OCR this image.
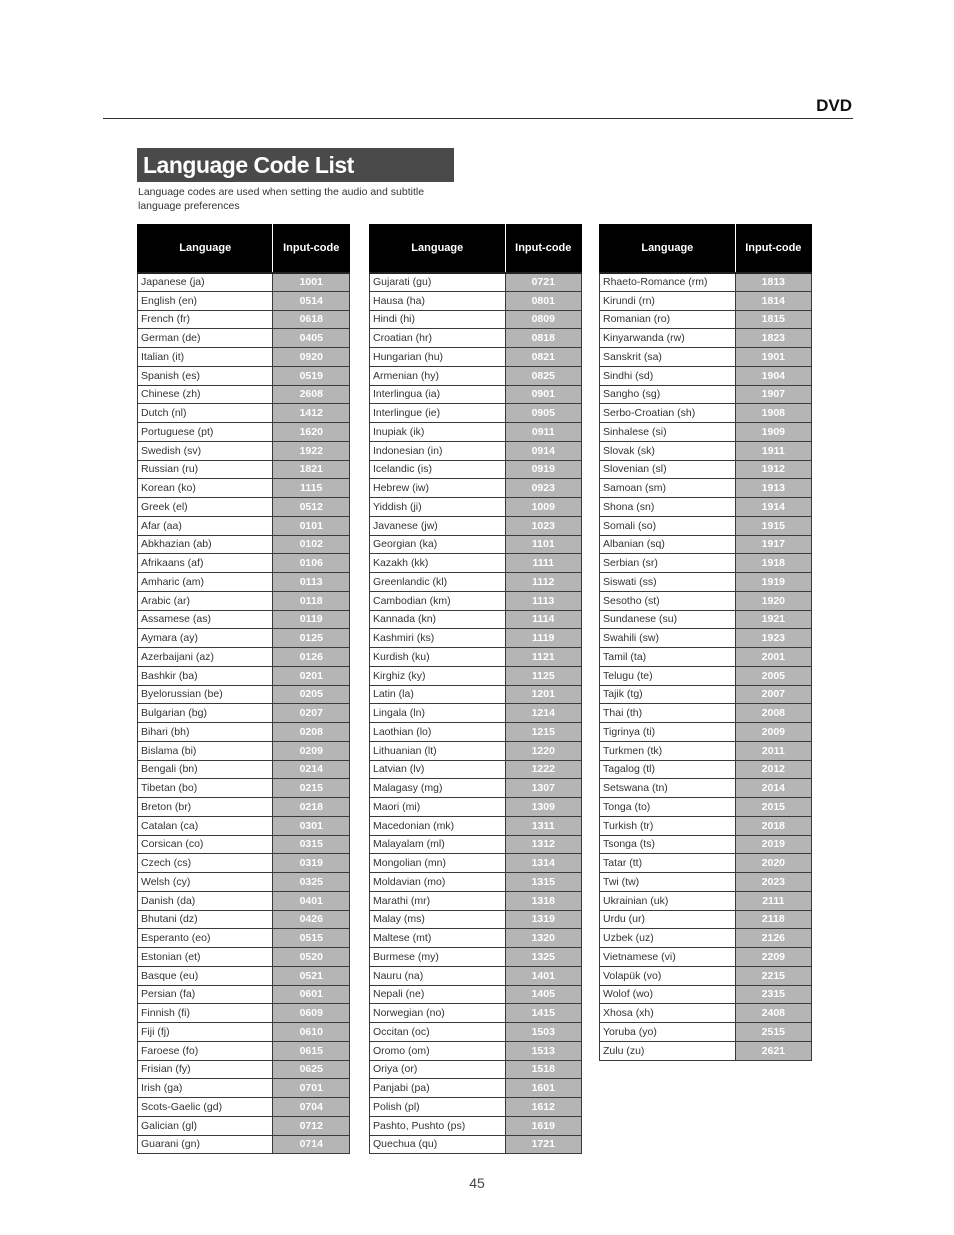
DVD
Language Code List
Language codes are used when setting the audio and subtitle language preferences
Language	Input-code
Japanese (ja)	1001
English (en)	0514
French (fr)	0618
German (de)	0405
Italian (it)	0920
Spanish (es)	0519
Chinese (zh)	2608
Dutch (nl)	1412
Portuguese (pt)	1620
Swedish (sv)	1922
Russian (ru)	1821
Korean (ko)	1115
Greek (el)	0512
Afar (aa)	0101
Abkhazian (ab)	0102
Afrikaans (af)	0106
Amharic (am)	0113
Arabic (ar)	0118
Assamese (as)	0119
Aymara (ay)	0125
Azerbaijani (az)	0126
Bashkir (ba)	0201
Byelorussian (be)	0205
Bulgarian (bg)	0207
Bihari (bh)	0208
Bislama (bi)	0209
Bengali (bn)	0214
Tibetan (bo)	0215
Breton (br)	0218
Catalan (ca)	0301
Corsican (co)	0315
Czech (cs)	0319
Welsh (cy)	0325
Danish (da)	0401
Bhutani (dz)	0426
Esperanto (eo)	0515
Estonian (et)	0520
Basque (eu)	0521
Persian (fa)	0601
Finnish (fi)	0609
Fiji (fj)	0610
Faroese (fo)	0615
Frisian (fy)	0625
Irish (ga)	0701
Scots-Gaelic (gd)	0704
Galician (gl)	0712
Guarani (gn)	0714
Language	Input-code
Gujarati (gu)	0721
Hausa (ha)	0801
Hindi (hi)	0809
Croatian (hr)	0818
Hungarian (hu)	0821
Armenian (hy)	0825
Interlingua (ia)	0901
Interlingue (ie)	0905
Inupiak (ik)	0911
Indonesian (in)	0914
Icelandic (is)	0919
Hebrew (iw)	0923
Yiddish (ji)	1009
Javanese (jw)	1023
Georgian (ka)	1101
Kazakh (kk)	1111
Greenlandic (kl)	1112
Cambodian (km)	1113
Kannada (kn)	1114
Kashmiri (ks)	1119
Kurdish (ku)	1121
Kirghiz (ky)	1125
Latin (la)	1201
Lingala (ln)	1214
Laothian (lo)	1215
Lithuanian (lt)	1220
Latvian (lv)	1222
Malagasy (mg)	1307
Maori (mi)	1309
Macedonian (mk)	1311
Malayalam (ml)	1312
Mongolian (mn)	1314
Moldavian (mo)	1315
Marathi (mr)	1318
Malay (ms)	1319
Maltese (mt)	1320
Burmese (my)	1325
Nauru (na)	1401
Nepali (ne)	1405
Norwegian (no)	1415
Occitan (oc)	1503
Oromo (om)	1513
Oriya (or)	1518
Panjabi (pa)	1601
Polish (pl)	1612
Pashto, Pushto (ps)	1619
Quechua (qu)	1721
Language	Input-code
Rhaeto-Romance (rm)	1813
Kirundi (rn)	1814
Romanian (ro)	1815
Kinyarwanda (rw)	1823
Sanskrit (sa)	1901
Sindhi (sd)	1904
Sangho (sg)	1907
Serbo-Croatian (sh)	1908
Sinhalese (si)	1909
Slovak (sk)	1911
Slovenian (sl)	1912
Samoan (sm)	1913
Shona (sn)	1914
Somali (so)	1915
Albanian (sq)	1917
Serbian (sr)	1918
Siswati (ss)	1919
Sesotho (st)	1920
Sundanese (su)	1921
Swahili (sw)	1923
Tamil (ta)	2001
Telugu (te)	2005
Tajik (tg)	2007
Thai (th)	2008
Tigrinya (ti)	2009
Turkmen (tk)	2011
Tagalog (tl)	2012
Setswana (tn)	2014
Tonga (to)	2015
Turkish (tr)	2018
Tsonga (ts)	2019
Tatar (tt)	2020
Twi (tw)	2023
Ukrainian (uk)	2111
Urdu (ur)	2118
Uzbek (uz)	2126
Vietnamese (vi)	2209
Volapük (vo)	2215
Wolof (wo)	2315
Xhosa (xh)	2408
Yoruba (yo)	2515
Zulu (zu)	2621
45
